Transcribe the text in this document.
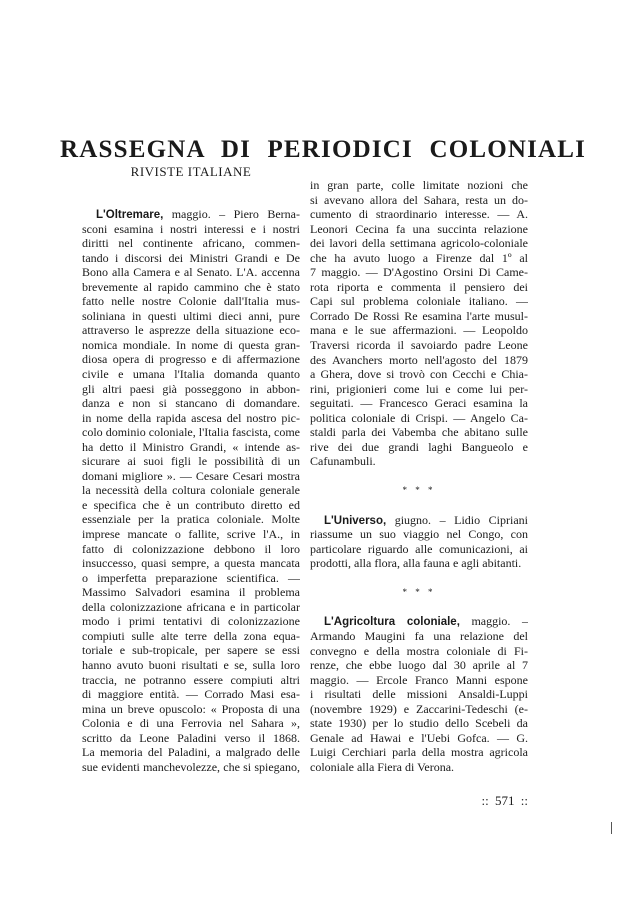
RASSEGNA DI PERIODICI COLONIALI
RIVISTE ITALIANE
L'Oltremare, maggio. – Piero Berna-
sconi esamina i nostri interessi e i nostri
diritti nel continente africano, commen-
tando i discorsi dei Ministri Grandi e De
Bono alla Camera e al Senato. L'A. accenna
brevemente al rapido cammino che è stato
fatto nelle nostre Colonie dall'Italia mus-
soliniana in questi ultimi dieci anni, pure
attraverso le asprezze della situazione eco-
nomica mondiale. In nome di questa gran-
diosa opera di progresso e di affermazione
civile e umana l'Italia domanda quanto
gli altri paesi già posseggono in abbon-
danza e non si stancano di domandare.
in nome della rapida ascesa del nostro pic-
colo dominio coloniale, l'Italia fascista, come
ha detto il Ministro Grandi, « intende as-
sicurare ai suoi figli le possibilità di un
domani migliore ». — Cesare Cesari mostra
la necessità della coltura coloniale generale
e specifica che è un contributo diretto ed
essenziale per la pratica coloniale. Molte
imprese mancate o fallite, scrive l'A., in
fatto di colonizzazione debbono il loro
insuccesso, quasi sempre, a questa mancata
o imperfetta preparazione scientifica. —
Massimo Salvadori esamina il problema
della colonizzazione africana e in particolar
modo i primi tentativi di colonizzazione
compiuti sulle alte terre della zona equa-
toriale e sub-tropicale, per sapere se essi
hanno avuto buoni risultati e se, sulla loro
traccia, ne potranno essere compiuti altri
di maggiore entità. — Corrado Masi esa-
mina un breve opuscolo: « Proposta di una
Colonia e di una Ferrovia nel Sahara »,
scritto da Leone Paladini verso il 1868.
La memoria del Paladini, a malgrado delle
sue evidenti manchevolezze, che si spiegano,
in gran parte, colle limitate nozioni che
si avevano allora del Sahara, resta un do-
cumento di straordinario interesse. — A.
Leonori Cecina fa una succinta relazione
dei lavori della settimana agricolo-coloniale
che ha avuto luogo a Firenze dal 1º al
7 maggio. — D'Agostino Orsini Di Came-
rota riporta e commenta il pensiero dei
Capi sul problema coloniale italiano. —
Corrado De Rossi Re esamina l'arte musul-
mana e le sue affermazioni. — Leopoldo
Traversi ricorda il savoiardo padre Leone
des Avanchers morto nell'agosto del 1879
a Ghera, dove si trovò con Cecchi e Chia-
rini, prigionieri come lui e come lui per-
seguitati. — Francesco Geraci esamina la
politica coloniale di Crispi. — Angelo Ca-
staldi parla dei Vabemba che abitano sulle
rive dei due grandi laghi Bangueolo e
Cafunambuli.
* * *
L'Universo, giugno. – Lidio Cipriani
riassume un suo viaggio nel Congo, con
particolare riguardo alle comunicazioni, ai
prodotti, alla flora, alla fauna e agli abitanti.
* * *
L'Agricoltura coloniale, maggio. –
Armando Maugini fa una relazione del
convegno e della mostra coloniale di Fi-
renze, che ebbe luogo dal 30 aprile al 7
maggio. — Ercole Franco Manni espone
i risultati delle missioni Ansaldi-Luppi
(novembre 1929) e Zaccarini-Tedeschi (e-
state 1930) per lo studio dello Scebeli da
Genale ad Hawai e l'Uebi Gofca. — G.
Luigi Cerchiari parla della mostra agricola
coloniale alla Fiera di Verona.
:: 571 ::
